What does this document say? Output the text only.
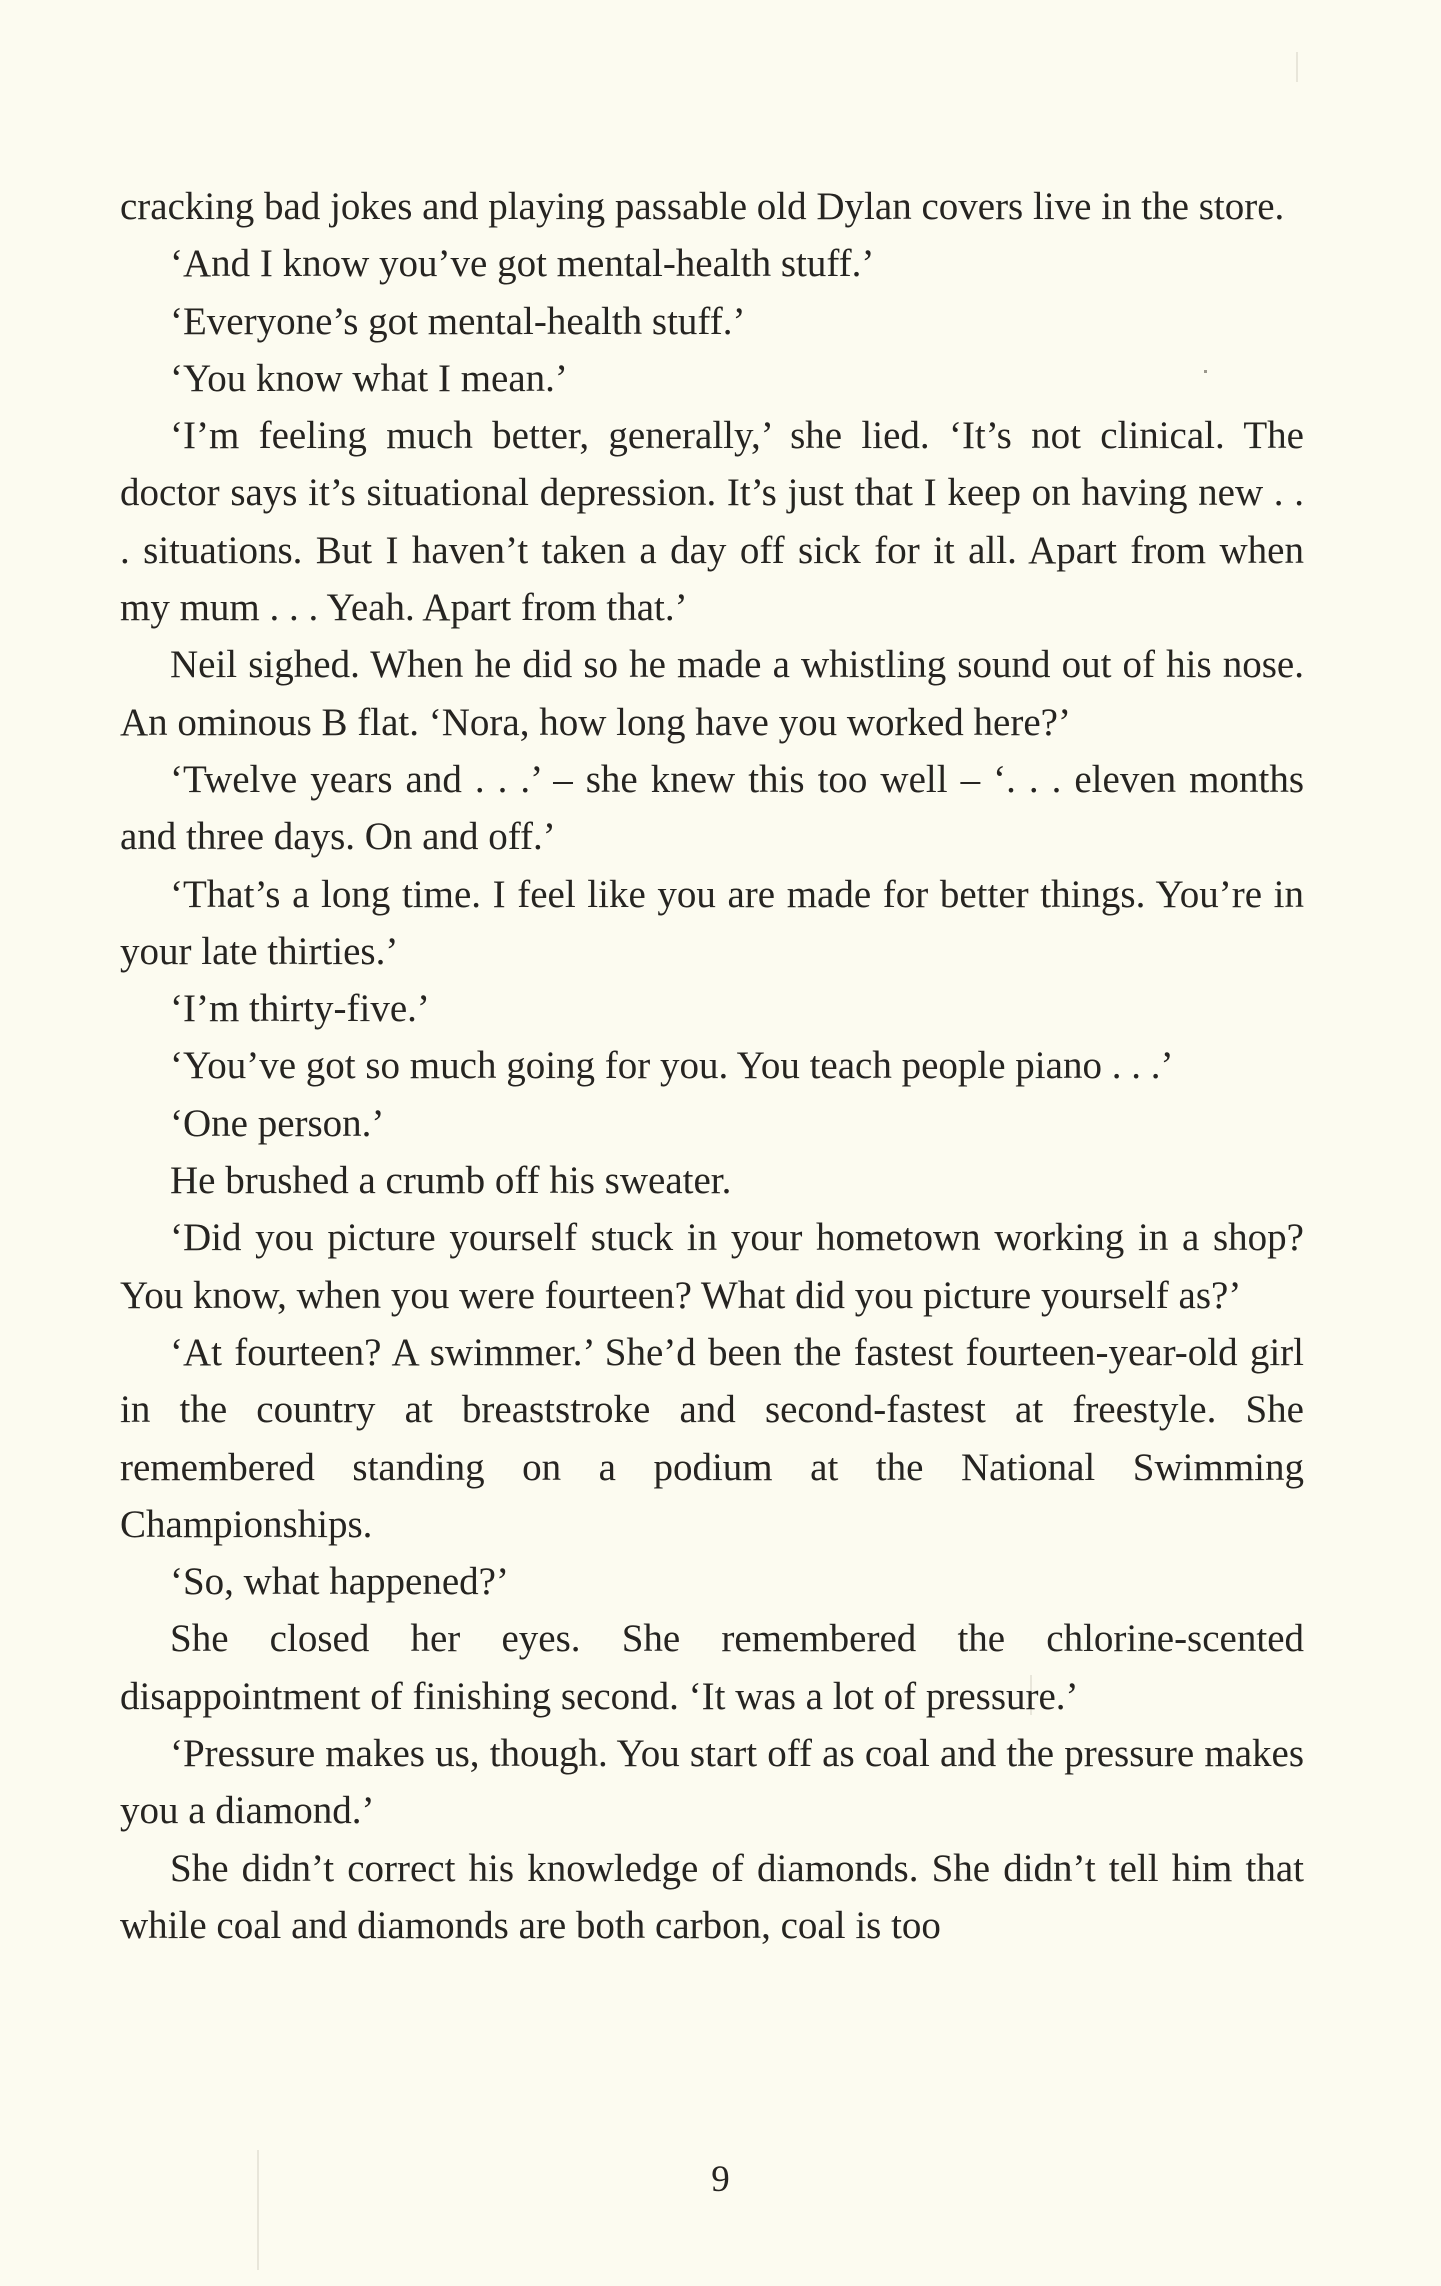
cracking bad jokes and playing passable old Dylan covers live in the store.

‘And I know you’ve got mental-health stuff.’

‘Everyone’s got mental-health stuff.’

‘You know what I mean.’

‘I’m feeling much better, generally,’ she lied. ‘It’s not clinical. The doctor says it’s situational depression. It’s just that I keep on having new . . . situations. But I haven’t taken a day off sick for it all. Apart from when my mum . . . Yeah. Apart from that.’

Neil sighed. When he did so he made a whistling sound out of his nose. An ominous B flat. ‘Nora, how long have you worked here?’

‘Twelve years and . . .’ – she knew this too well – ‘. . . eleven months and three days. On and off.’

‘That’s a long time. I feel like you are made for better things. You’re in your late thirties.’

‘I’m thirty-five.’

‘You’ve got so much going for you. You teach people piano . . .’

‘One person.’

He brushed a crumb off his sweater.

‘Did you picture yourself stuck in your hometown working in a shop? You know, when you were fourteen? What did you picture yourself as?’

‘At fourteen? A swimmer.’ She’d been the fastest fourteen-year-old girl in the country at breaststroke and second-fastest at freestyle. She remembered standing on a podium at the National Swimming Championships.

‘So, what happened?’

She closed her eyes. She remembered the chlorine-scented disappointment of finishing second. ‘It was a lot of pressure.’

‘Pressure makes us, though. You start off as coal and the pressure makes you a diamond.’

She didn’t correct his knowledge of diamonds. She didn’t tell him that while coal and diamonds are both carbon, coal is too

9
